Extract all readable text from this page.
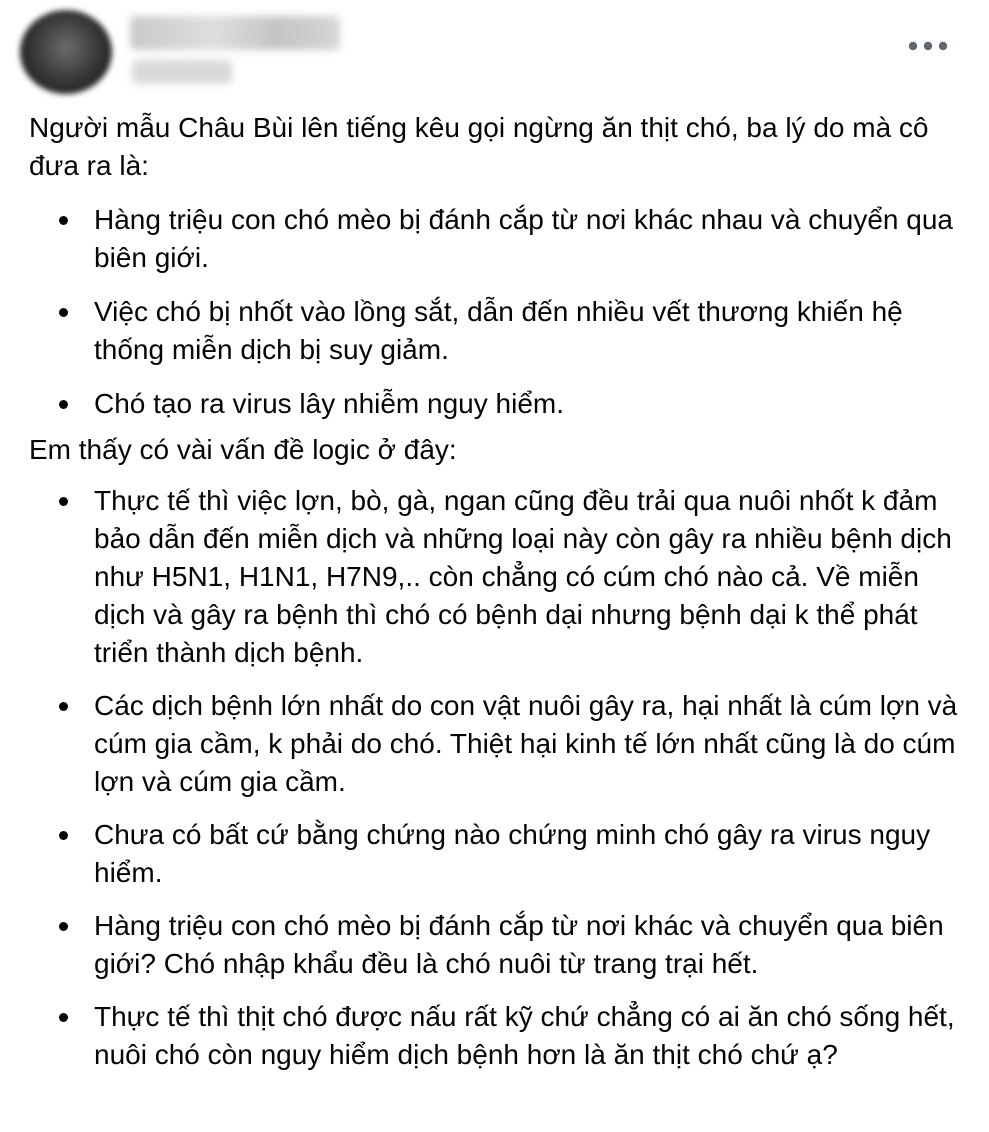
Người mẫu Châu Bùi lên tiếng kêu gọi ngừng ăn thịt chó, ba lý do mà cô đưa ra là:

Hàng triệu con chó mèo bị đánh cắp từ nơi khác nhau và chuyển qua biên giới.
Việc chó bị nhốt vào lồng sắt, dẫn đến nhiều vết thương khiến hệ thống miễn dịch bị suy giảm.
Chó tạo ra virus lây nhiễm nguy hiểm.

Em thấy có vài vấn đề logic ở đây:

Thực tế thì việc lợn, bò, gà, ngan cũng đều trải qua nuôi nhốt k đảm bảo dẫn đến miễn dịch và những loại này còn gây ra nhiều bệnh dịch như H5N1, H1N1, H7N9,.. còn chẳng có cúm chó nào cả. Về miễn dịch và gây ra bệnh thì chó có bệnh dại nhưng bệnh dại k thể phát triển thành dịch bệnh.
Các dịch bệnh lớn nhất do con vật nuôi gây ra, hại nhất là cúm lợn và cúm gia cầm, k phải do chó. Thiệt hại kinh tế lớn nhất cũng là do cúm lợn và cúm gia cầm.
Chưa có bất cứ bằng chứng nào chứng minh chó gây ra virus nguy hiểm.
Hàng triệu con chó mèo bị đánh cắp từ nơi khác và chuyển qua biên giới? Chó nhập khẩu đều là chó nuôi từ trang trại hết.
Thực tế thì thịt chó được nấu rất kỹ chứ chẳng có ai ăn chó sống hết, nuôi chó còn nguy hiểm dịch bệnh hơn là ăn thịt chó chứ ạ?
